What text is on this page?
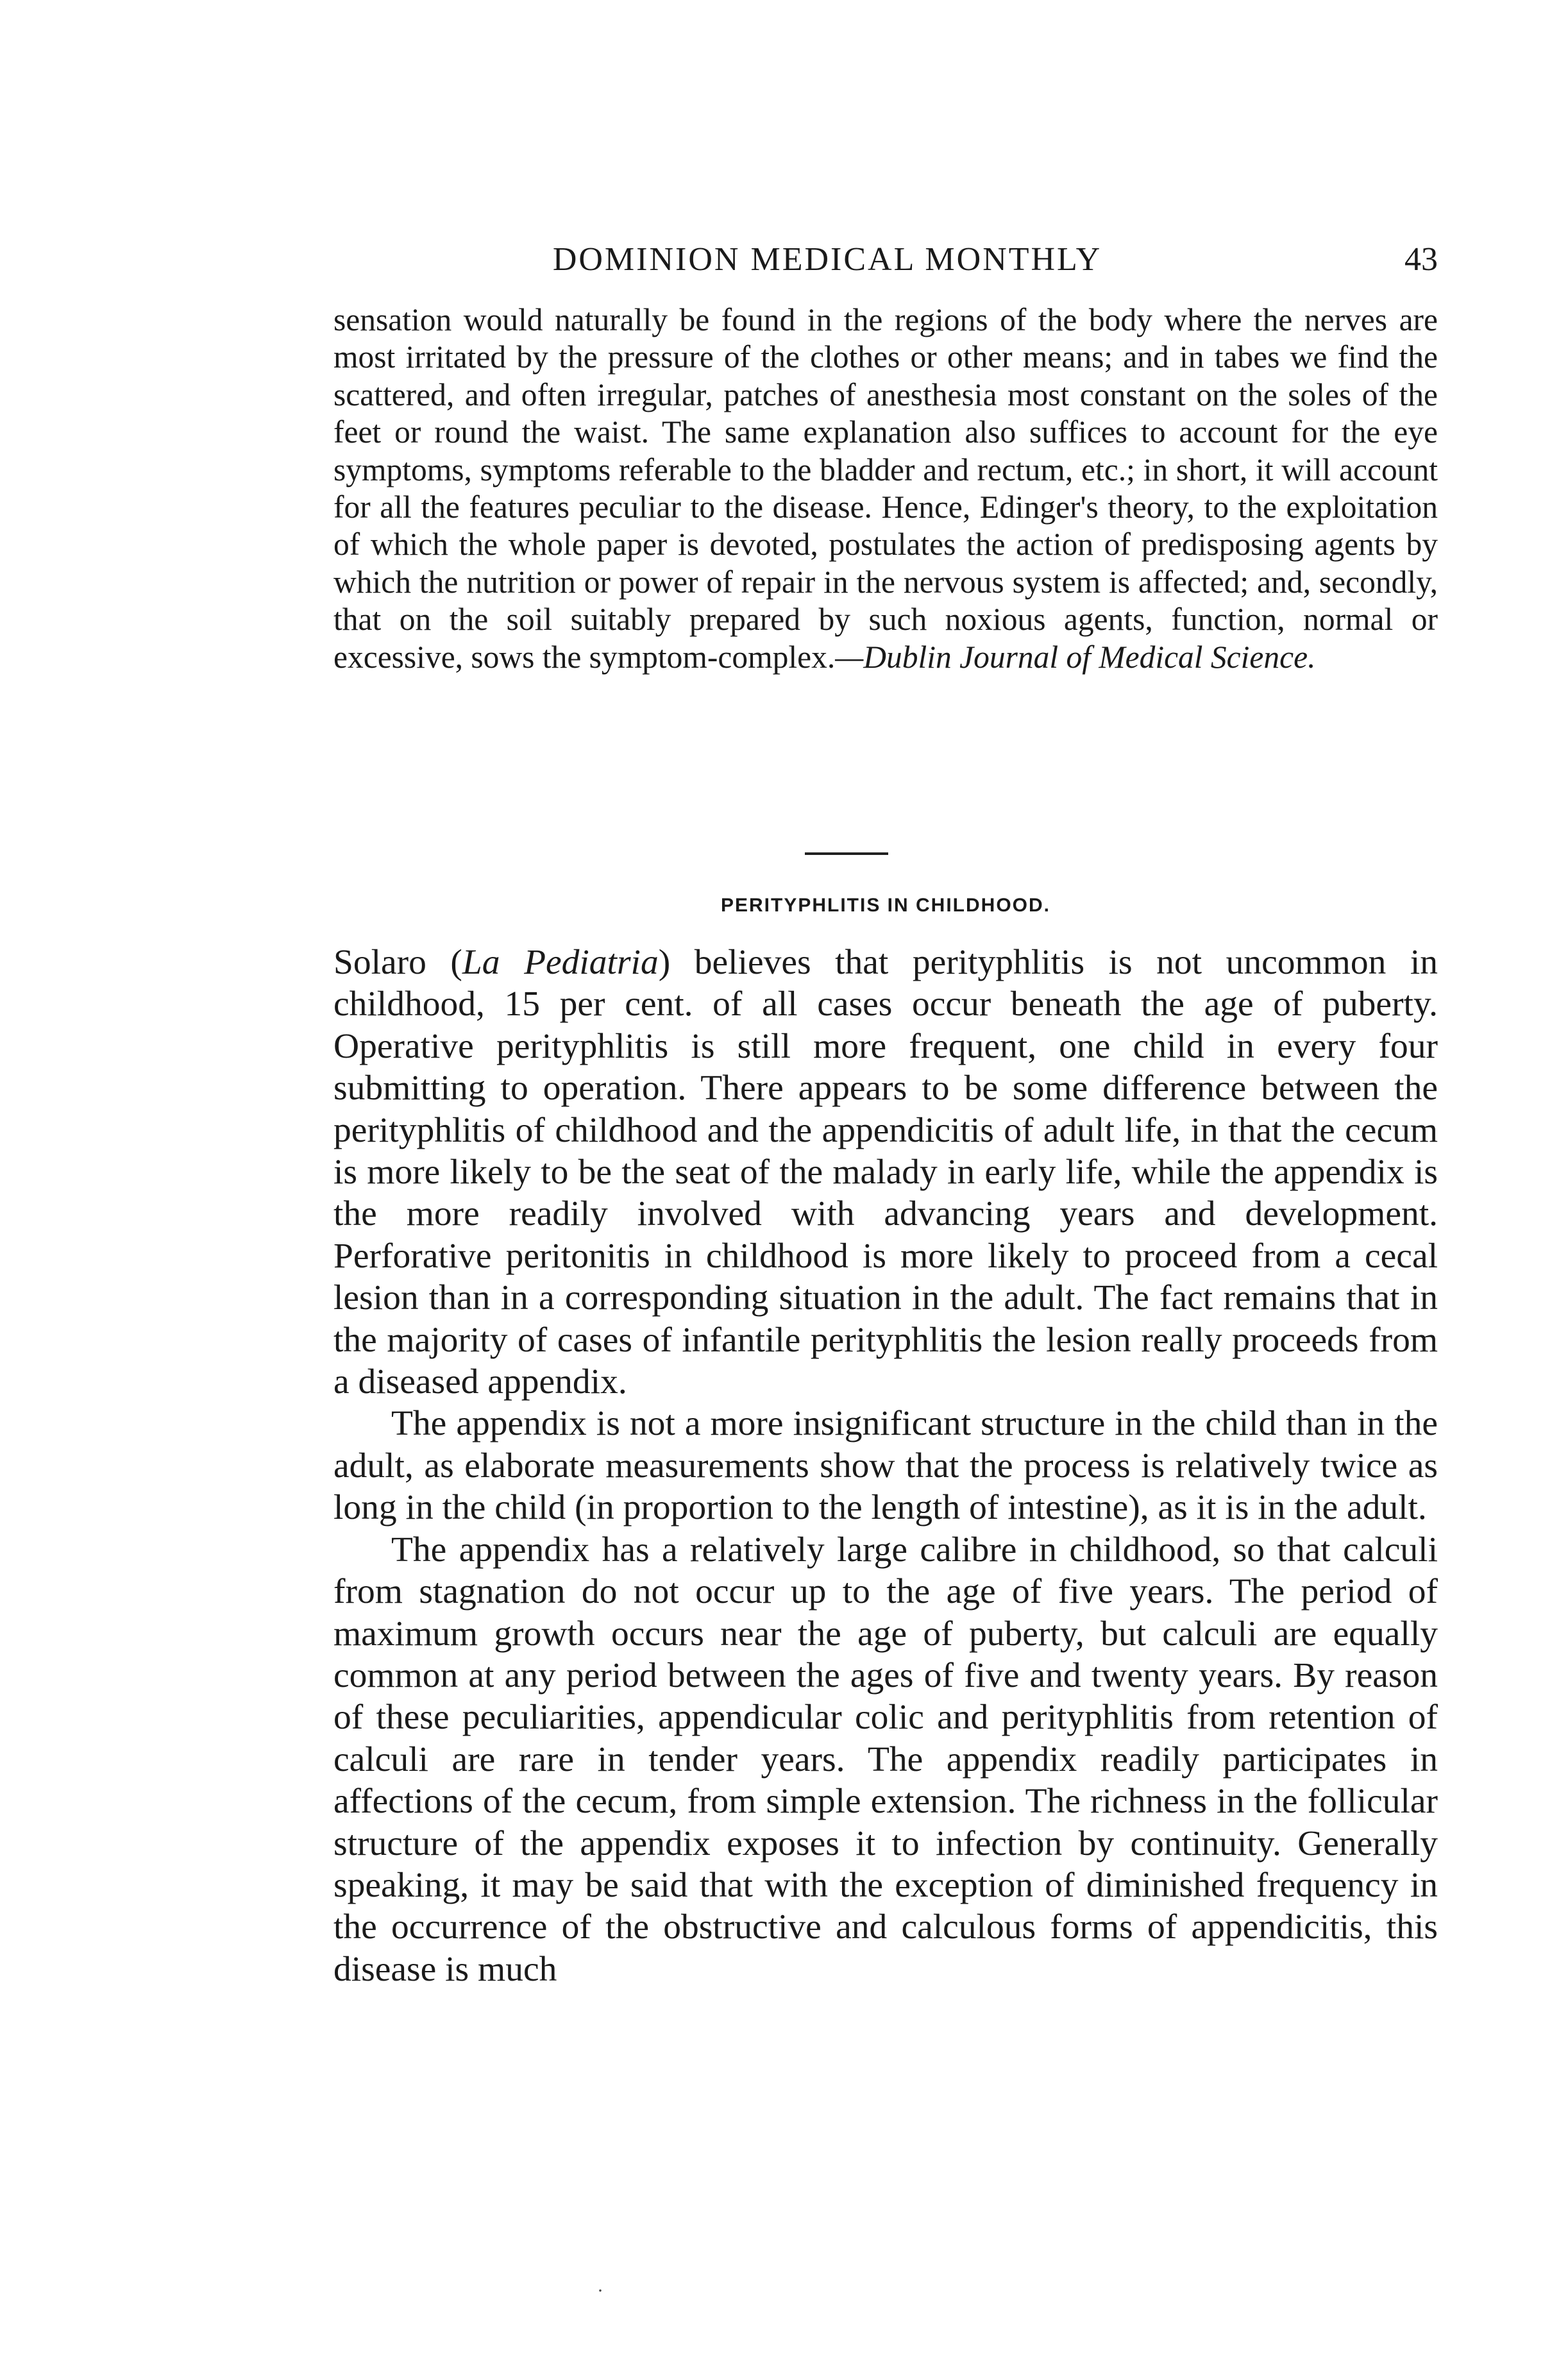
DOMINION MEDICAL MONTHLY	43

sensation would naturally be found in the regions of the body where the nerves are most irritated by the pressure of the clothes or other means; and in tabes we find the scattered, and often irregular, patches of anesthesia most constant on the soles of the feet or round the waist. The same explanation also suffices to account for the eye symptoms, symptoms referable to the bladder and rectum, etc.; in short, it will account for all the features peculiar to the disease. Hence, Edinger's theory, to the exploitation of which the whole paper is devoted, postulates the action of predisposing agents by which the nutrition or power of repair in the nervous system is affected; and, secondly, that on the soil suitably prepared by such noxious agents, function, normal or excessive, sows the symptom-complex.—Dublin Journal of Medical Science.

PERITYPHLITIS IN CHILDHOOD.

Solaro (La Pediatria) believes that perityphlitis is not uncommon in childhood, 15 per cent. of all cases occur beneath the age of puberty. Operative perityphlitis is still more frequent, one child in every four submitting to operation. There appears to be some difference between the perityphlitis of childhood and the appendicitis of adult life, in that the cecum is more likely to be the seat of the malady in early life, while the appendix is the more readily involved with advancing years and development. Perforative peritonitis in childhood is more likely to proceed from a cecal lesion than in a corresponding situation in the adult. The fact remains that in the majority of cases of infantile perityphlitis the lesion really proceeds from a diseased appendix.

The appendix is not a more insignificant structure in the child than in the adult, as elaborate measurements show that the process is relatively twice as long in the child (in proportion to the length of intestine), as it is in the adult.

The appendix has a relatively large calibre in childhood, so that calculi from stagnation do not occur up to the age of five years. The period of maximum growth occurs near the age of puberty, but calculi are equally common at any period between the ages of five and twenty years. By reason of these peculiarities, appendicular colic and perityphlitis from retention of calculi are rare in tender years. The appendix readily participates in affections of the cecum, from simple extension. The richness in the follicular structure of the appendix exposes it to infection by continuity. Generally speaking, it may be said that with the exception of diminished frequency in the occurrence of the obstructive and calculous forms of appendicitis, this disease is much

·
